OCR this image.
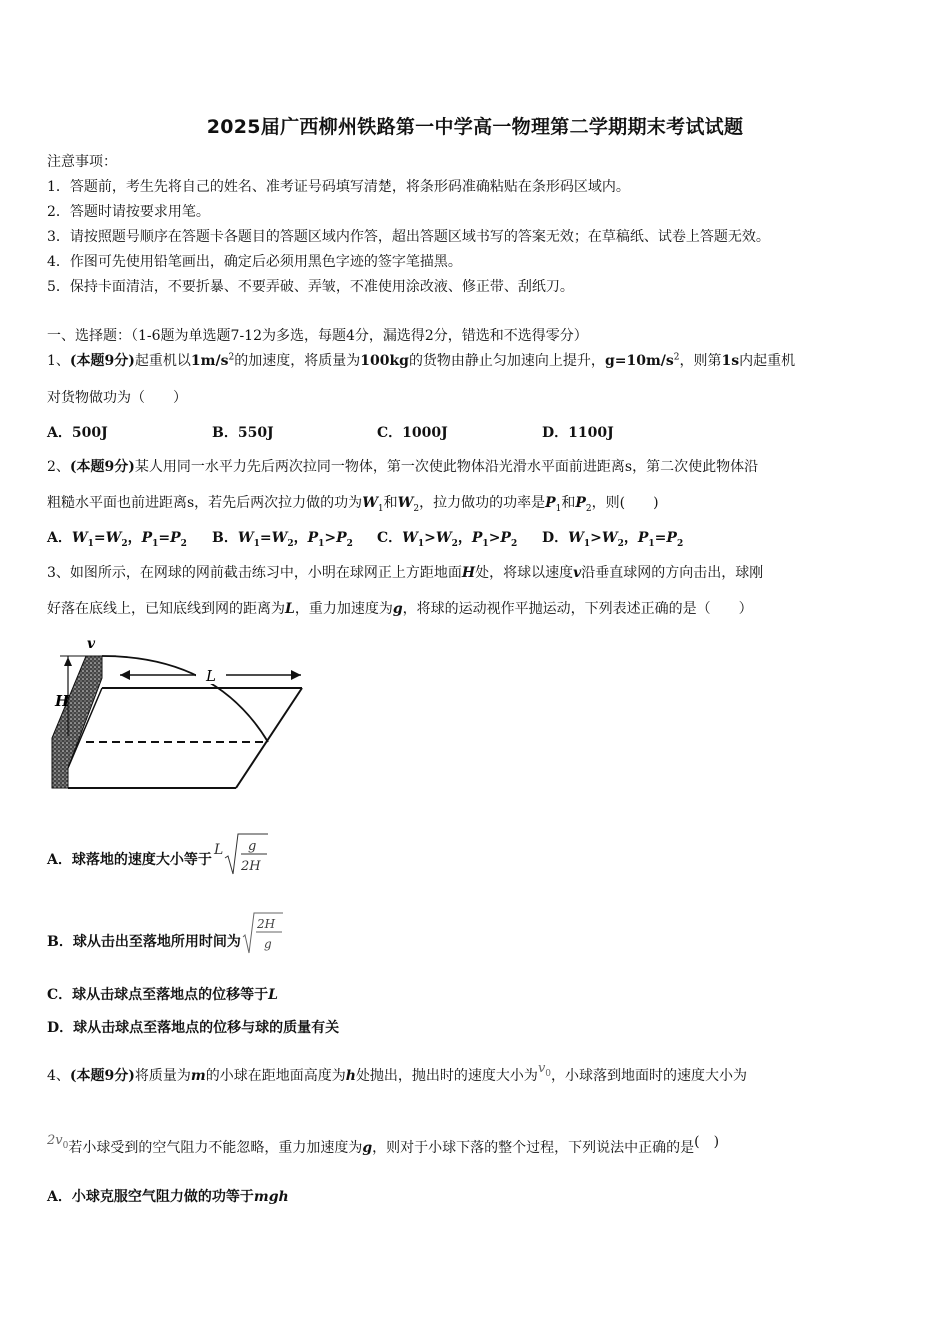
2025届广西柳州铁路第一中学高一物理第二学期期末考试试题
注意事项：
1．答题前，考生先将自己的姓名、准考证号码填写清楚，将条形码准确粘贴在条形码区域内。
2．答题时请按要求用笔。
3．请按照题号顺序在答题卡各题目的答题区域内作答，超出答题区域书写的答案无效；在草稿纸、试卷上答题无效。
4．作图可先使用铅笔画出，确定后必须用黑色字迹的签字笔描黑。
5．保持卡面清洁，不要折暴、不要弄破、弄皱，不准使用涂改液、修正带、刮纸刀。
一、选择题：（1-6题为单选题7-12为多选，每题4分，漏选得2分，错选和不选得零分）
1、(本题9分)起重机以$1m/s^2$的加速度，将质量为100kg的货物由静止匀加速向上提升，$g=10m/s^2$，则第1s内起重机
对货物做功为（　　）
A．500J	B．550J	C．1000J	D．1100J
2、(本题9分)某人用同一水平力先后两次拉同一物体，第一次使此物体沿光滑水平面前进距离s，第二次使此物体沿
粗糙水平面也前进距离s，若先后两次拉力做的功为$W_1$和$W_2$，拉力做功的功率是$P_1$和$P_2$，则(　　)
A．$W_1=W_2$，$P_1=P_2$ B．$W_1=W_2$，$P_1>P_2$ C．$W_1>W_2$，$P_1>P_2$ D．$W_1>W_2$，$P_1=P_2$
3、如图所示，在网球的网前截击练习中，小明在球网正上方距地面H处，将球以速度v沿垂直球网的方向击出，球刚
好落在底线上，已知底线到网的距离为L，重力加速度为g，将球的运动视作平抛运动，下列表述正确的是（　　）
L
v
H
A．球落地的速度大小等于
L g
2H
B．球从击出至落地所用时间为
2H
g
C．球从击球点至落地点的位移等于L
D．球从击球点至落地点的位移与球的质量有关
4、(本题9分)将质量为m的小球在距地面高度为h处抛出，抛出时的速度大小为$v_0$，小球落到地面时的速度大小为
$2v_0$若小球受到的空气阻力不能忽略，重力加速度为g，则对于小球下落的整个过程，下列说法中正确的是(　)
A．小球克服空气阻力做的功等于mgh
